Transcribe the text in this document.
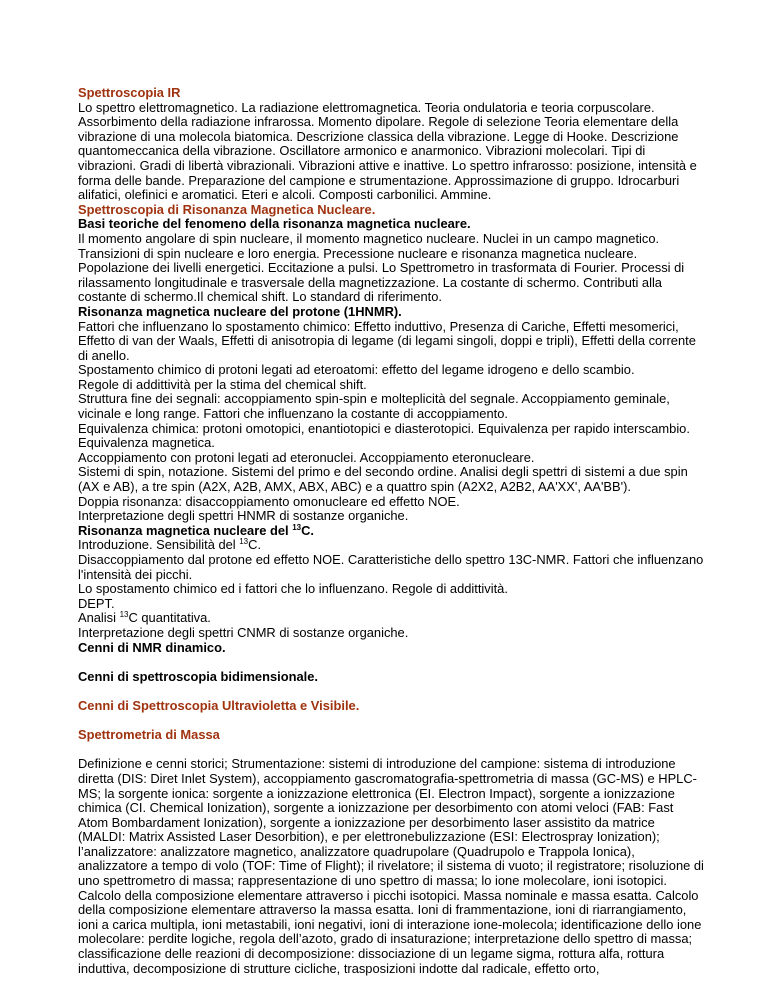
Spettroscopia IR

Lo spettro elettromagnetico. La radiazione elettromagnetica. Teoria ondulatoria e teoria corpuscolare. Assorbimento della radiazione infrarossa. Momento dipolare. Regole di selezione Teoria elementare della vibrazione di una molecola biatomica. Descrizione classica della vibrazione. Legge di Hooke. Descrizione quantomeccanica della vibrazione. Oscillatore armonico e anarmonico. Vibrazioni molecolari. Tipi di vibrazioni. Gradi di libertà vibrazionali. Vibrazioni attive e inattive. Lo spettro infrarosso: posizione, intensità e forma delle bande. Preparazione del campione e strumentazione. Approssimazione di gruppo. Idrocarburi alifatici, olefinici e aromatici. Eteri e alcoli. Composti carbonilici. Ammine.

Spettroscopia di Risonanza Magnetica Nucleare.

Basi teoriche del fenomeno della risonanza magnetica nucleare.

Il momento angolare di spin nucleare, il momento magnetico nucleare. Nuclei in un campo magnetico. Transizioni di spin nucleare e loro energia. Precessione nucleare e risonanza magnetica nucleare. Popolazione dei livelli energetici. Eccitazione a pulsi. Lo Spettrometro in trasformata di Fourier. Processi di rilassamento longitudinale e trasversale della magnetizzazione. La costante di schermo. Contributi alla costante di schermo.Il chemical shift. Lo standard di riferimento.

Risonanza magnetica nucleare del protone (1HNMR).

Fattori che influenzano lo spostamento chimico: Effetto induttivo, Presenza di Cariche, Effetti mesomerici, Effetto di van der Waals, Effetti di anisotropia di legame (di legami singoli, doppi e tripli), Effetti della corrente di anello.

Spostamento chimico di protoni legati ad eteroatomi: effetto del legame idrogeno e dello scambio.

Regole di addittività per la stima del chemical shift.

Struttura fine dei segnali: accoppiamento spin-spin e molteplicità del segnale. Accoppiamento geminale, vicinale e long range. Fattori che influenzano la costante di accoppiamento.

Equivalenza chimica: protoni omotopici, enantiotopici e diasterotopici. Equivalenza per rapido interscambio. Equivalenza magnetica.

Accoppiamento con protoni legati ad eteronuclei. Accoppiamento eteronucleare.

Sistemi di spin, notazione. Sistemi del primo e del secondo ordine. Analisi degli spettri di sistemi a due spin (AX e AB), a tre spin (A2X, A2B, AMX, ABX, ABC) e a quattro spin (A2X2, A2B2, AA'XX', AA'BB').

Doppia risonanza: disaccoppiamento omonucleare ed effetto NOE.

Interpretazione degli spettri HNMR di sostanze organiche.

Risonanza magnetica nucleare del $^{13}$C.

Introduzione. Sensibilità del $^{13}$C.

Disaccoppiamento dal protone ed effetto NOE. Caratteristiche dello spettro 13C-NMR. Fattori che influenzano l'intensità dei picchi.

Lo spostamento chimico ed i fattori che lo influenzano. Regole di addittività.

DEPT.

Analisi $^{13}$C quantitativa.

Interpretazione degli spettri CNMR di sostanze organiche.

Cenni di NMR dinamico.

Cenni di spettroscopia bidimensionale.

Cenni di Spettroscopia Ultravioletta e Visibile.

Spettrometria di Massa

Definizione e cenni storici; Strumentazione: sistemi di introduzione del campione: sistema di introduzione diretta (DIS: Diret Inlet System), accoppiamento gascromatografia-spettrometria di massa (GC-MS) e HPLC-MS; la sorgente ionica: sorgente a ionizzazione elettronica (EI. Electron Impact), sorgente a ionizzazione chimica (CI. Chemical Ionization), sorgente a ionizzazione per desorbimento con atomi veloci (FAB: Fast Atom Bombardament Ionization), sorgente a ionizzazione per desorbimento laser assistito da matrice (MALDI: Matrix Assisted Laser Desorbition), e per elettronebulizzazione (ESI: Electrospray Ionization); l’analizzatore: analizzatore magnetico, analizzatore quadrupolare (Quadrupolo e Trappola Ionica), analizzatore a tempo di volo (TOF: Time of Flight); il rivelatore; il sistema di vuoto; il registratore; risoluzione di uno spettrometro di massa; rappresentazione di uno spettro di massa; lo ione molecolare, ioni isotopici. Calcolo della composizione elementare attraverso i picchi isotopici. Massa nominale e massa esatta. Calcolo della composizione elementare attraverso la massa esatta. Ioni di frammentazione, ioni di riarrangiamento, ioni a carica multipla, ioni metastabili, ioni negativi, ioni di interazione ione-molecola; identificazione dello ione molecolare: perdite logiche, regola dell’azoto, grado di insaturazione; interpretazione dello spettro di massa; classificazione delle reazioni di decomposizione: dissociazione di un legame sigma, rottura alfa, rottura induttiva, decomposizione di strutture cicliche, trasposizioni indotte dal radicale, effetto orto,
